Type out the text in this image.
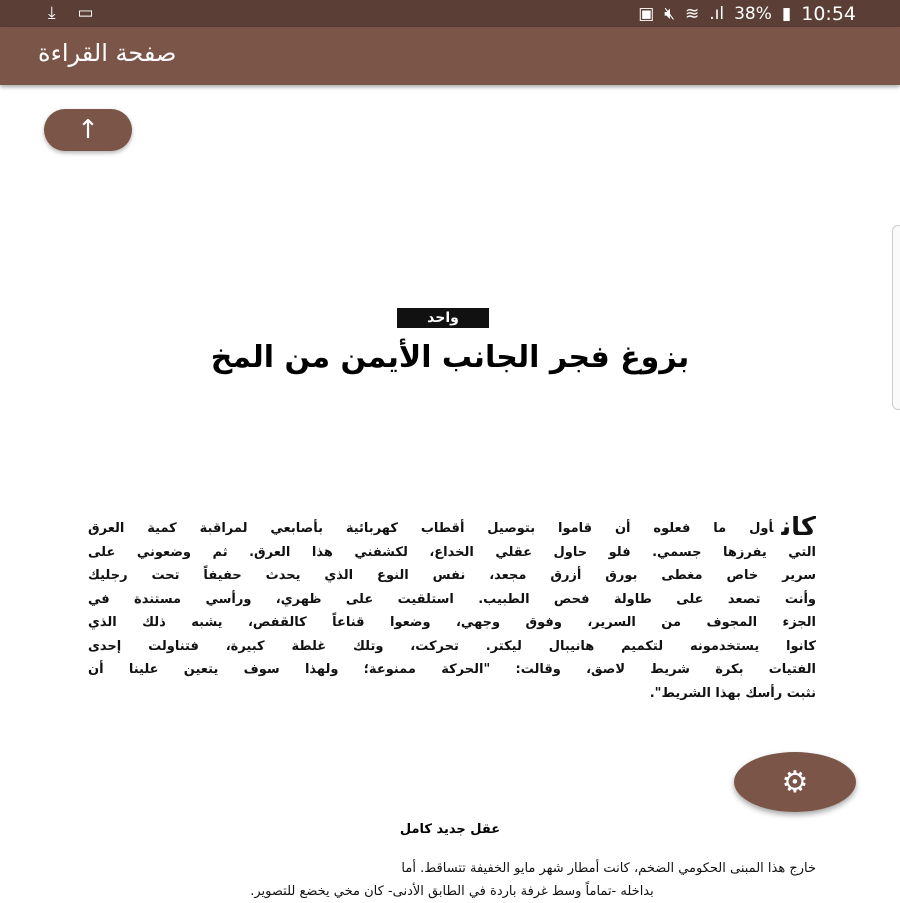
⤓ ▭	▣ 🔇︎ ≋ .ıl 38% ▮ 10:54
صفحة القراءة
↑
واحد
بزوغ فجر الجانب الأيمن من المخ
كانأول ما فعلوه أن قاموا بتوصيل أقطاب كهربائية بأصابعي لمراقبة كمية العرق
التي يفرزها جسمي. فلو حاول عقلي الخداع، لكشفني هذا العرق. ثم وضعوني على
سرير خاص مغطى بورق أزرق مجعد، نفس النوع الذي يحدث حفيفاً تحت رجليك
وأنت تصعد على طاولة فحص الطبيب. استلقيت على ظهري، ورأسي مستندة في
الجزء المجوف من السرير، وفوق وجهي، وضعوا قناعاً كالقفص، يشبه ذلك الذي
كانوا يستخدمونه لتكميم هانيبال ليكتر. تحركت، وتلك غلطة كبيرة، فتناولت إحدى
الفتيات بكرة شريط لاصق، وقالت: "الحركة ممنوعة؛ ولهذا سوف يتعين علينا أن
نثبت رأسك بهذا الشريط".
عقل جديد كامل
خارج هذا المبنى الحكومي الضخم، كانت أمطار شهر مايو الخفيفة تتساقط. أما
بداخله -تماماً وسط غرفة باردة في الطابق الأدنى- كان مخي يخضع للتصوير.
⚙
